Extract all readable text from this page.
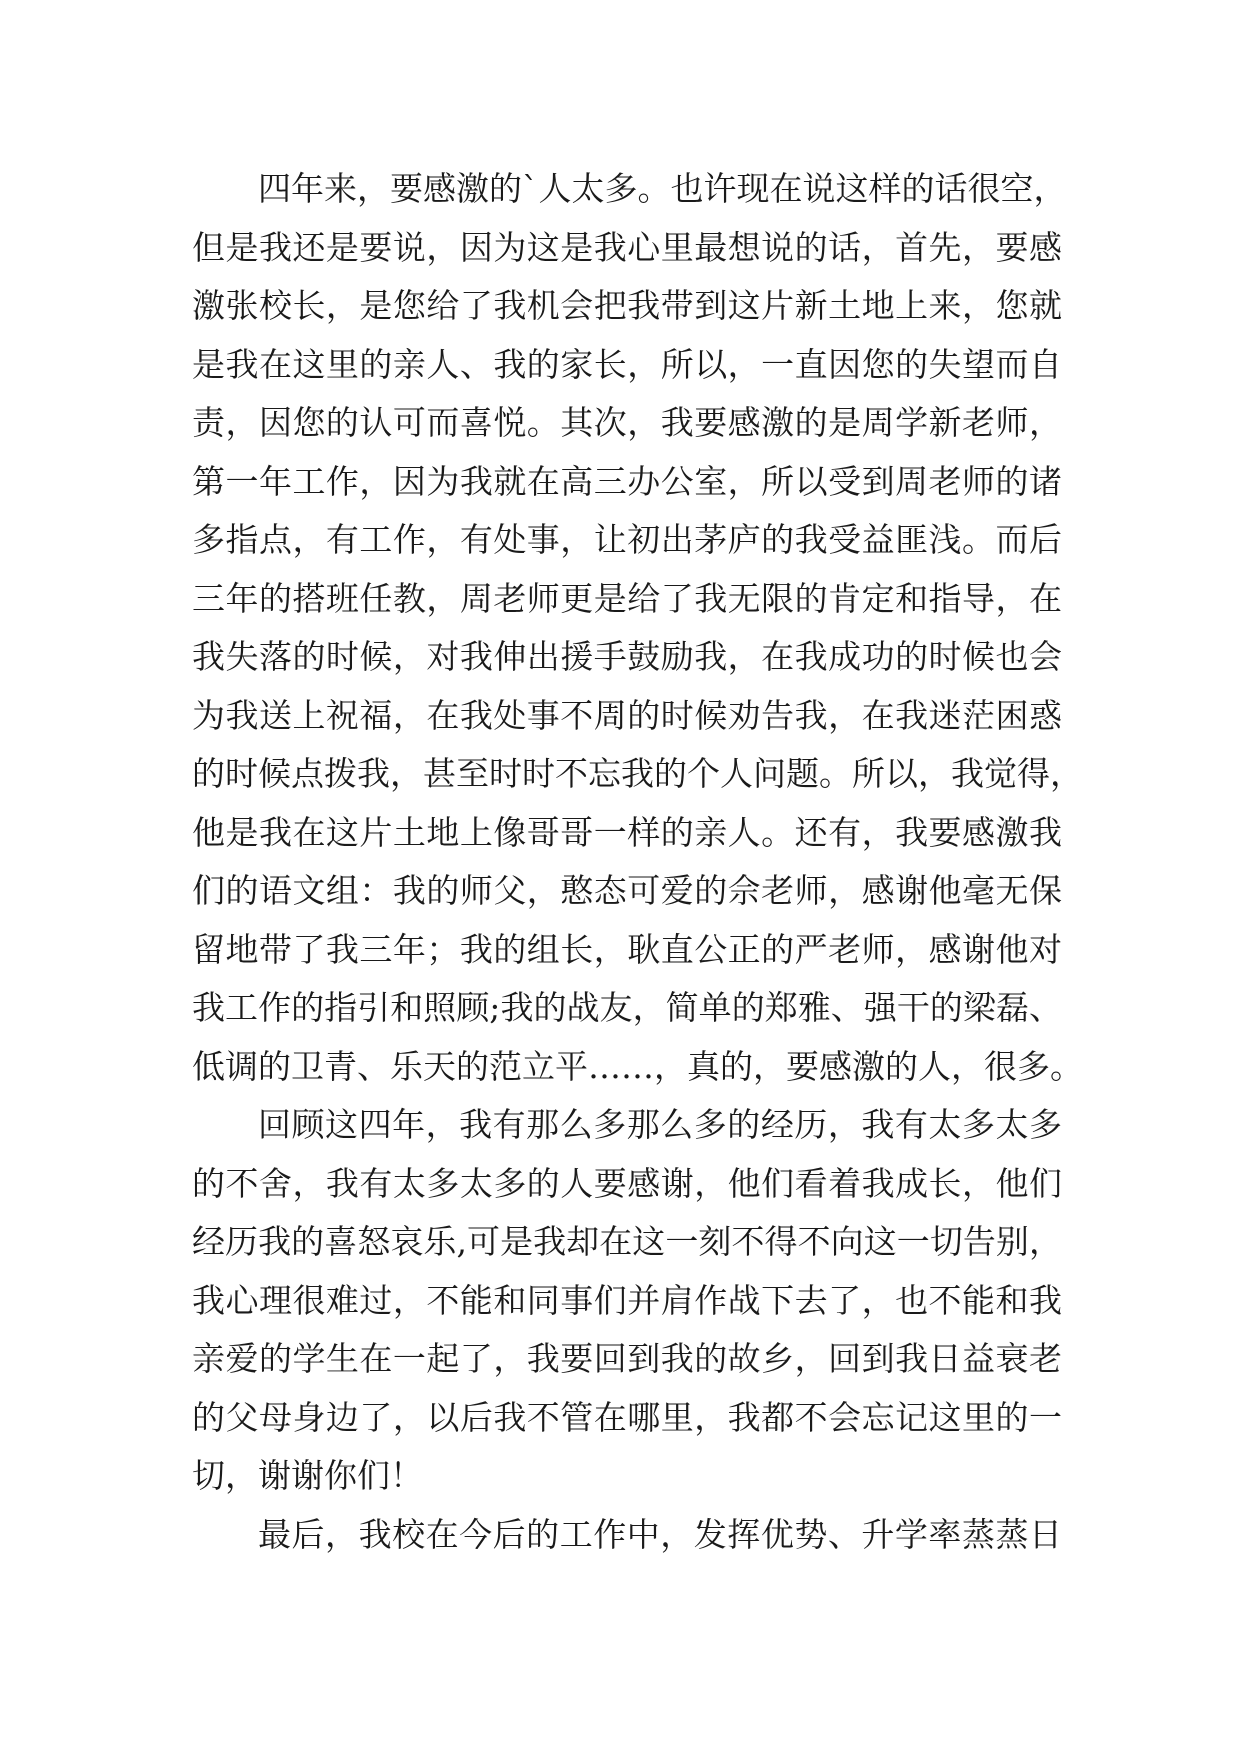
四年来，要感激的`人太多。也许现在说这样的话很空，
但是我还是要说，因为这是我心里最想说的话，首先，要感
激张校长，是您给了我机会把我带到这片新土地上来，您就
是我在这里的亲人、我的家长，所以，一直因您的失望而自
责，因您的认可而喜悦。其次，我要感激的是周学新老师，
第一年工作，因为我就在高三办公室，所以受到周老师的诸
多指点，有工作，有处事，让初出茅庐的我受益匪浅。而后
三年的搭班任教，周老师更是给了我无限的肯定和指导，在
我失落的时候，对我伸出援手鼓励我，在我成功的时候也会
为我送上祝福，在我处事不周的时候劝告我，在我迷茫困惑
的时候点拨我，甚至时时不忘我的个人问题。所以，我觉得，
他是我在这片土地上像哥哥一样的亲人。还有，我要感激我
们的语文组：我的师父，憨态可爱的佘老师，感谢他毫无保
留地带了我三年；我的组长，耿直公正的严老师，感谢他对
我工作的指引和照顾;我的战友，简单的郑雅、强干的梁磊、
低调的卫青、乐天的范立平……，真的，要感激的人，很多。
回顾这四年，我有那么多那么多的经历，我有太多太多
的不舍，我有太多太多的人要感谢，他们看着我成长，他们
经历我的喜怒哀乐,可是我却在这一刻不得不向这一切告别，
我心理很难过，不能和同事们并肩作战下去了，也不能和我
亲爱的学生在一起了，我要回到我的故乡，回到我日益衰老
的父母身边了，以后我不管在哪里，我都不会忘记这里的一
切，谢谢你们！
最后，我校在今后的工作中，发挥优势、升学率蒸蒸日
